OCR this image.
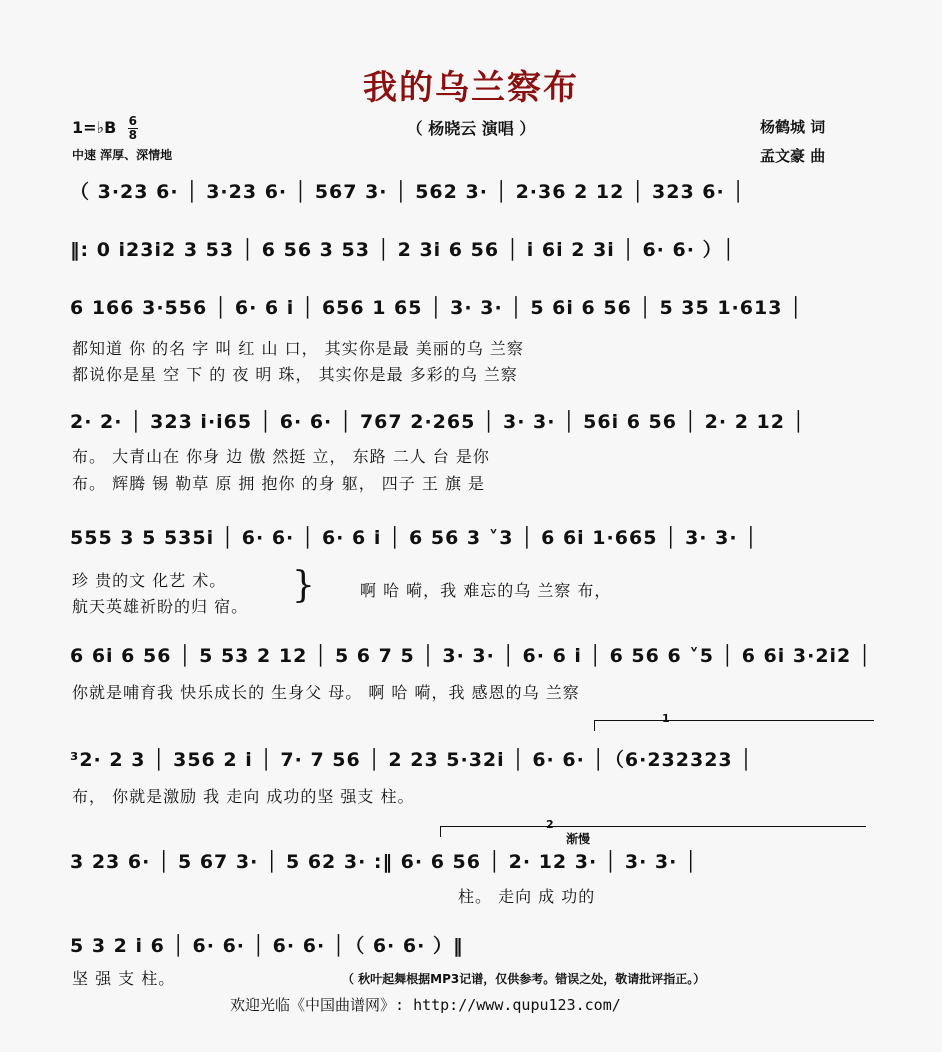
我的乌兰察布
（ 杨晓云 演唱 ）
1=♭B $\frac{6}{8}$
中速 浑厚、深情地
杨鹤城 词
孟文豪 曲
（ 3·23 6· │ 3·23 6· │ 567 3· │ 562 3· │ 2·36 2 12 │ 323 6· │
‖: 0 i23i2 3 53 │ 6 56 3 53 │ 2 3i 6 56 │ i 6i 2 3i │ 6· 6· ）│
6 166 3·556 │ 6· 6 i │ 656 1 65 │ 3· 3· │ 5 6i 6 56 │ 5 35 1·613 │
都知道 你 的名 字 叫 红 山 口， 其实你是最 美丽的乌 兰察
都说你是星 空 下 的 夜 明 珠， 其实你是最 多彩的乌 兰察
2· 2· │ 323 i·i65 │ 6· 6· │ 767 2·265 │ 3· 3· │ 56i 6 56 │ 2· 2 12 │
布。 大青山在 你身 边 傲 然挺 立， 东路 二人 台 是你
布。 辉腾 锡 勒草 原 拥 抱你 的身 躯， 四子 王 旗 是
555 3 5 535i │ 6· 6· │ 6· 6 i │ 6 56 3 ˅3 │ 6 6i 1·665 │ 3· 3· │
珍 贵的文 化艺 术。
航天英雄祈盼的归 宿。
}	啊 哈 嗬，我 难忘的乌 兰察 布，
6 6i 6 56 │ 5 53 2 12 │ 5 6 7 5 │ 3· 3· │ 6· 6 i │ 6 56 6 ˅5 │ 6 6i 3·2i2 │
你就是哺育我 快乐成长的 生身父 母。 啊 哈 嗬，我 感恩的乌 兰察
1
³2· 2 3 │ 356 2 i │ 7· 7 56 │ 2 23 5·32i │ 6· 6· │（6·232323 │
布， 你就是激励 我 走向 成功的坚 强支 柱。
2
渐慢
3 23 6· │ 5 67 3· │ 5 62 3· :‖ 6· 6 56 │ 2· 12 3· │ 3· 3· │
柱。 走向 成 功的
5 3 2 i 6 │ 6· 6· │ 6· 6· │（ 6· 6· ）‖
坚 强 支 柱。	（ 秋叶起舞根据MP3记谱，仅供参考。错误之处，敬请批评指正。）
欢迎光临《中国曲谱网》: http://www.qupu123.com/
